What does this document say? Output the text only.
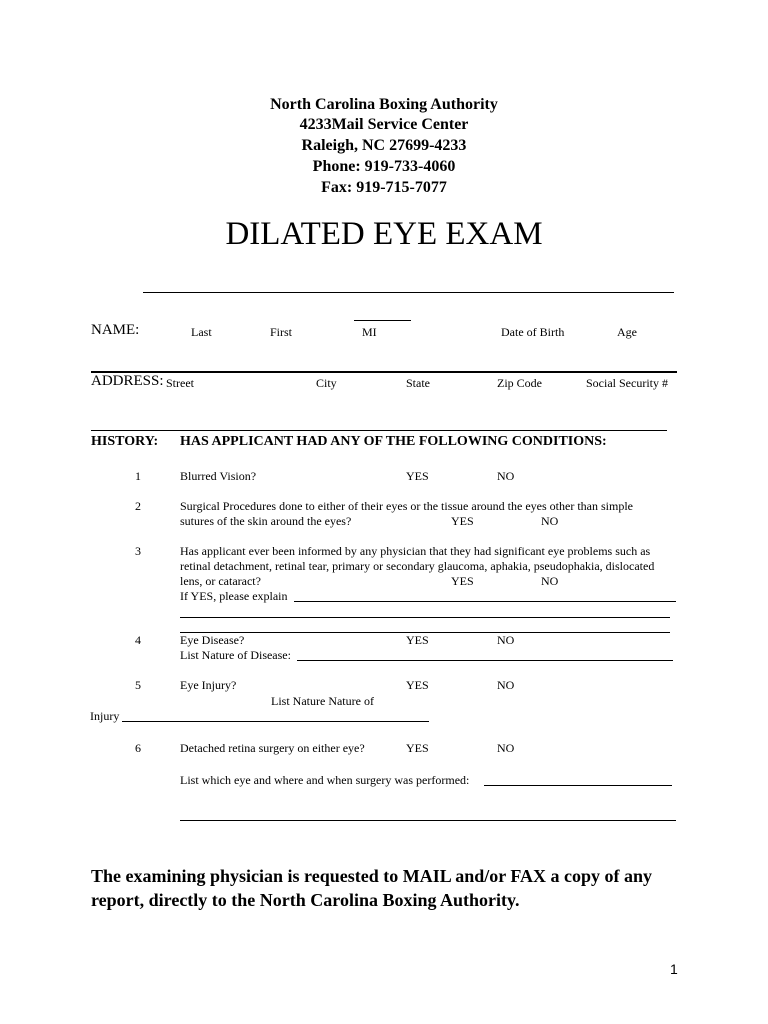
North Carolina Boxing Authority
4233Mail Service Center
Raleigh, NC 27699-4233
Phone: 919-733-4060
Fax: 919-715-7077
DILATED EYE EXAM
NAME:	Last	First	MI	Date of Birth	Age
ADDRESS: Street	City	State	Zip Code	Social Security #
HISTORY: HAS APPLICANT HAD ANY OF THE FOLLOWING CONDITIONS:
1	Blurred Vision?	YES	NO
2	Surgical Procedures done to either of their eyes or the tissue around the eyes other than simple
sutures of the skin around the eyes?	YES	NO
3	Has applicant ever been informed by any physician that they had significant eye problems such as
retinal detachment, retinal tear, primary or secondary glaucoma, aphakia, pseudophakia, dislocated
lens, or cataract?	YES	NO
If YES, please explain
4	Eye Disease?	YES	NO
List Nature of Disease:
5	Eye Injury?	YES	NO
List Nature Nature of
Injury
6	Detached retina surgery on either eye?	YES	NO
List which eye and where and when surgery was performed:
The examining physician is requested to MAIL and/or FAX a copy of any report, directly to the North Carolina Boxing Authority.
1
